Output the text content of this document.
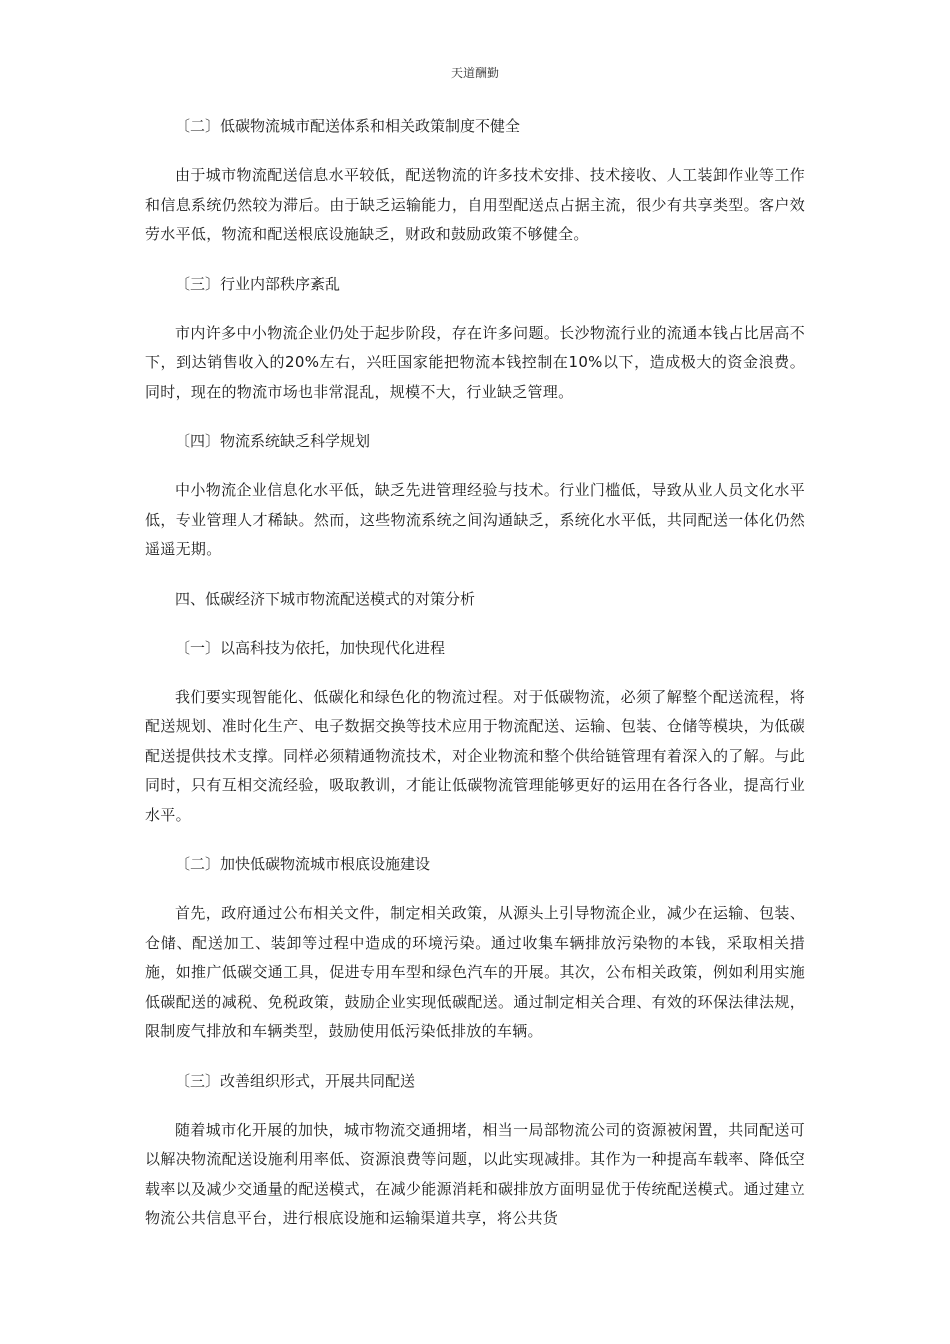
天道酬勤
〔二〕低碳物流城市配送体系和相关政策制度不健全
由于城市物流配送信息水平较低，配送物流的许多技术安排、技术接收、人工装卸作业等工作和信息系统仍然较为滞后。由于缺乏运输能力，自用型配送点占据主流，很少有共享类型。客户效劳水平低，物流和配送根底设施缺乏，财政和鼓励政策不够健全。
〔三〕行业内部秩序紊乱
市内许多中小物流企业仍处于起步阶段，存在许多问题。长沙物流行业的流通本钱占比居高不下，到达销售收入的20%左右，兴旺国家能把物流本钱控制在10%以下，造成极大的资金浪费。同时，现在的物流市场也非常混乱，规模不大，行业缺乏管理。
〔四〕物流系统缺乏科学规划
中小物流企业信息化水平低，缺乏先进管理经验与技术。行业门槛低，导致从业人员文化水平低，专业管理人才稀缺。然而，这些物流系统之间沟通缺乏，系统化水平低，共同配送一体化仍然遥遥无期。
四、低碳经济下城市物流配送模式的对策分析
〔一〕以高科技为依托，加快现代化进程
我们要实现智能化、低碳化和绿色化的物流过程。对于低碳物流，必须了解整个配送流程，将配送规划、准时化生产、电子数据交换等技术应用于物流配送、运输、包装、仓储等模块，为低碳配送提供技术支撑。同样必须精通物流技术，对企业物流和整个供给链管理有着深入的了解。与此同时，只有互相交流经验，吸取教训，才能让低碳物流管理能够更好的运用在各行各业，提高行业水平。
〔二〕加快低碳物流城市根底设施建设
首先，政府通过公布相关文件，制定相关政策，从源头上引导物流企业，减少在运输、包装、仓储、配送加工、装卸等过程中造成的环境污染。通过收集车辆排放污染物的本钱，采取相关措施，如推广低碳交通工具，促进专用车型和绿色汽车的开展。其次，公布相关政策，例如利用实施低碳配送的减税、免税政策，鼓励企业实现低碳配送。通过制定相关合理、有效的环保法律法规，限制废气排放和车辆类型，鼓励使用低污染低排放的车辆。
〔三〕改善组织形式，开展共同配送
随着城市化开展的加快，城市物流交通拥堵，相当一局部物流公司的资源被闲置，共同配送可以解决物流配送设施利用率低、资源浪费等问题，以此实现减排。其作为一种提高车载率、降低空载率以及减少交通量的配送模式，在减少能源消耗和碳排放方面明显优于传统配送模式。通过建立物流公共信息平台，进行根底设施和运输渠道共享，将公共货
